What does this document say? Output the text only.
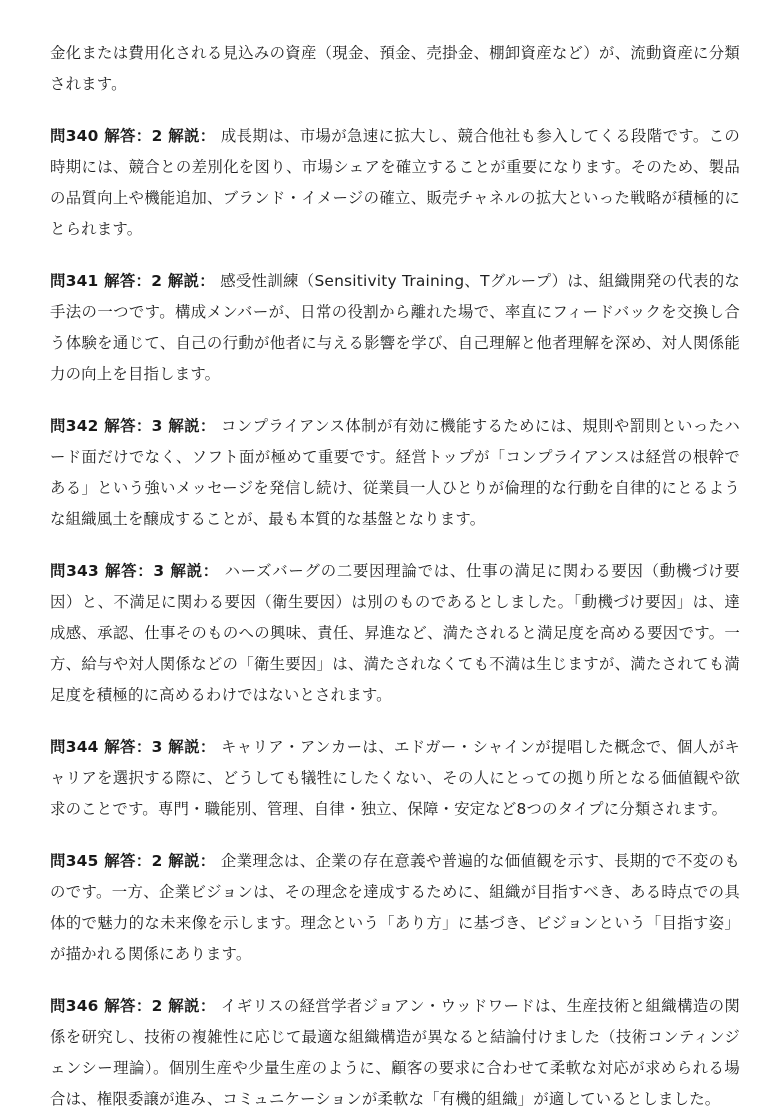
金化または費用化される見込みの資産（現金、預金、売掛金、棚卸資産など）が、流動資産に分類されます。

問340 解答：2 解説： 成長期は、市場が急速に拡大し、競合他社も参入してくる段階です。この時期には、競合との差別化を図り、市場シェアを確立することが重要になります。そのため、製品の品質向上や機能追加、ブランド・イメージの確立、販売チャネルの拡大といった戦略が積極的にとられます。

問341 解答：2 解説： 感受性訓練（Sensitivity Training、Tグループ）は、組織開発の代表的な手法の一つです。構成メンバーが、日常の役割から離れた場で、率直にフィードバックを交換し合う体験を通じて、自己の行動が他者に与える影響を学び、自己理解と他者理解を深め、対人関係能力の向上を目指します。

問342 解答：3 解説： コンプライアンス体制が有効に機能するためには、規則や罰則といったハード面だけでなく、ソフト面が極めて重要です。経営トップが「コンプライアンスは経営の根幹である」という強いメッセージを発信し続け、従業員一人ひとりが倫理的な行動を自律的にとるような組織風土を醸成することが、最も本質的な基盤となります。

問343 解答：3 解説： ハーズバーグの二要因理論では、仕事の満足に関わる要因（動機づけ要因）と、不満足に関わる要因（衛生要因）は別のものであるとしました。「動機づけ要因」は、達成感、承認、仕事そのものへの興味、責任、昇進など、満たされると満足度を高める要因です。一方、給与や対人関係などの「衛生要因」は、満たされなくても不満は生じますが、満たされても満足度を積極的に高めるわけではないとされます。

問344 解答：3 解説： キャリア・アンカーは、エドガー・シャインが提唱した概念で、個人がキャリアを選択する際に、どうしても犠牲にしたくない、その人にとっての拠り所となる価値観や欲求のことです。専門・職能別、管理、自律・独立、保障・安定など8つのタイプに分類されます。

問345 解答：2 解説： 企業理念は、企業の存在意義や普遍的な価値観を示す、長期的で不変のものです。一方、企業ビジョンは、その理念を達成するために、組織が目指すべき、ある時点での具体的で魅力的な未来像を示します。理念という「あり方」に基づき、ビジョンという「目指す姿」が描かれる関係にあります。

問346 解答：2 解説： イギリスの経営学者ジョアン・ウッドワードは、生産技術と組織構造の関係を研究し、技術の複雑性に応じて最適な組織構造が異なると結論付けました（技術コンティンジェンシー理論）。個別生産や少量生産のように、顧客の要求に合わせて柔軟な対応が求められる場合は、権限委譲が進み、コミュニケーションが柔軟な「有機的組織」が適しているとしました。
